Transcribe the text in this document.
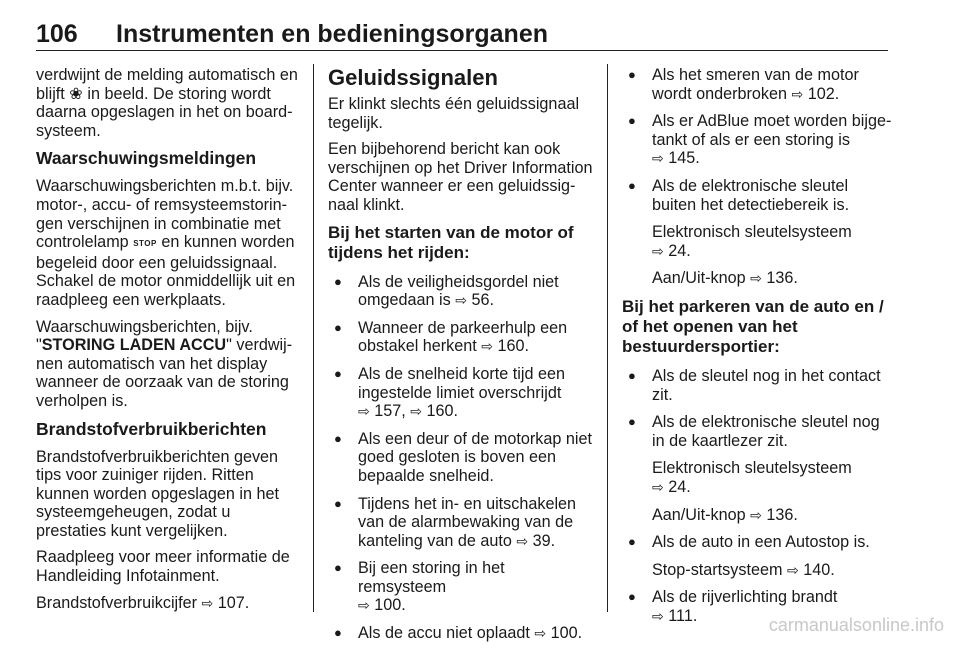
106 Instrumenten en bedieningsorganen

verdwijnt de melding automatisch en blijft ❀ in beeld. De storing wordt daarna opgeslagen in het on board-systeem.

Waarschuwingsmeldingen

Waarschuwingsberichten m.b.t. bijv. motor-, accu- of remsysteemstorin-gen verschijnen in combinatie met controlelamp STOP en kunnen worden begeleid door een geluidssignaal. Schakel de motor onmiddellijk uit en raadpleeg een werkplaats.

Waarschuwingsberichten, bijv.
"STORING LADEN ACCU" verdwij-nen automatisch van het display wanneer de oorzaak van de storing verholpen is.

Brandstofverbruikberichten

Brandstofverbruikberichten geven tips voor zuiniger rijden. Ritten kunnen worden opgeslagen in het systeemgeheugen, zodat u prestaties kunt vergelijken.

Raadpleeg voor meer informatie de Handleiding Infotainment.

Brandstofverbruikcijfer ⇨ 107.

Geluidssignalen

Er klinkt slechts één geluidssignaal tegelijk.

Een bijbehorend bericht kan ook verschijnen op het Driver Information Center wanneer er een geluidssig-naal klinkt.

Bij het starten van de motor of tijdens het rijden:
● Als de veiligheidsgordel niet omgedaan is ⇨ 56.
● Wanneer de parkeerhulp een obstakel herkent ⇨ 160.
● Als de snelheid korte tijd een ingestelde limiet overschrijdt
⇨ 157, ⇨ 160.
● Als een deur of de motorkap niet goed gesloten is boven een bepaalde snelheid.
● Tijdens het in- en uitschakelen van de alarmbewaking van de kanteling van de auto ⇨ 39.
● Bij een storing in het remsysteem
⇨ 100.
● Als de accu niet oplaadt ⇨ 100.
● Als het smeren van de motor wordt onderbroken ⇨ 102.
● Als er AdBlue moet worden bijge-tankt of als er een storing is
⇨ 145.
● Als de elektronische sleutel buiten het detectiebereik is.

Elektronisch sleutelsysteem
⇨ 24.

Aan/Uit-knop ⇨ 136.

Bij het parkeren van de auto en / of het openen van het bestuurdersportier:
● Als de sleutel nog in het contact zit.
● Als de elektronische sleutel nog in de kaartlezer zit.

Elektronisch sleutelsysteem
⇨ 24.

Aan/Uit-knop ⇨ 136.

● Als de auto in een Autostop is.

Stop-startsysteem ⇨ 140.

● Als de rijverlichting brandt
⇨ 111.	carmanualsonline.info
